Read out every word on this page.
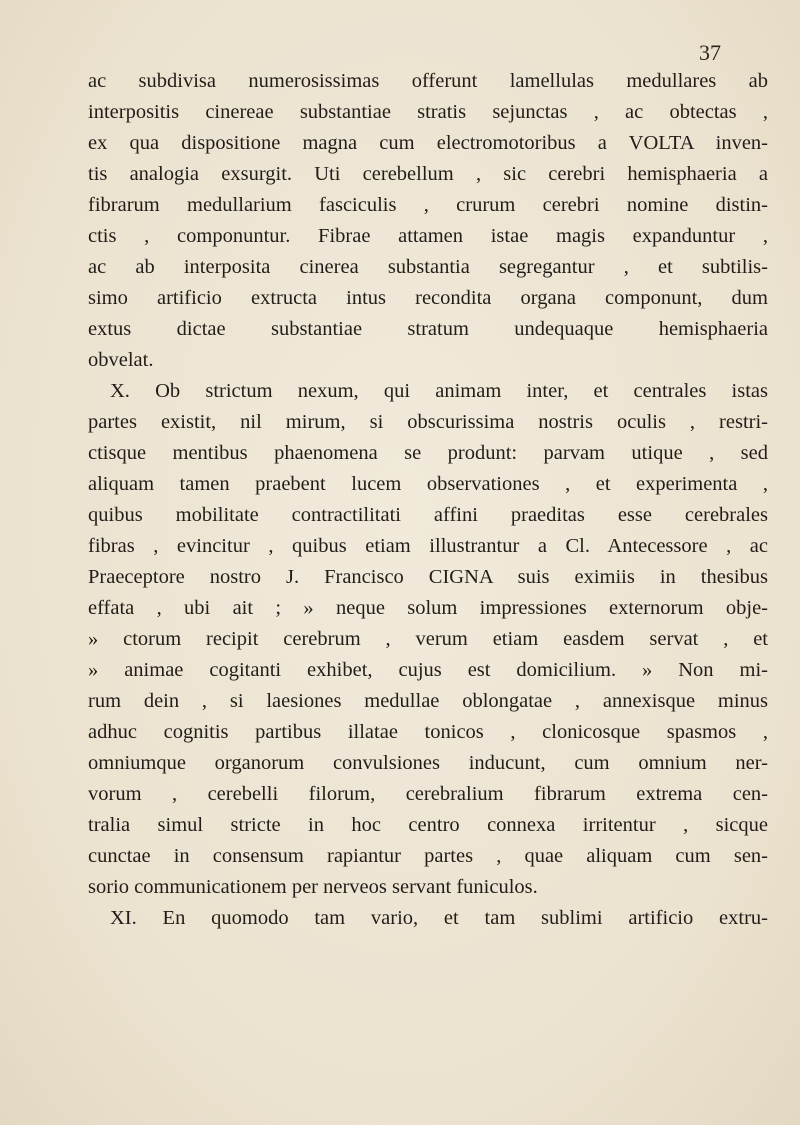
37
ac subdivisa numerosissimas offerunt lamellulas medullares ab
interpositis cinereae substantiae stratis sejunctas , ac obtectas ,
ex qua dispositione magna cum electromotoribus a VOLTA inven-
tis analogia exsurgit. Uti cerebellum , sic cerebri hemisphaeria a
fibrarum medullarium fasciculis , crurum cerebri nomine distin-
ctis , componuntur. Fibrae attamen istae magis expanduntur ,
ac ab interposita cinerea substantia segregantur , et subtilis-
simo artificio extructa intus recondita organa componunt, dum
extus dictae substantiae stratum undequaque hemisphaeria
obvelat.
X. Ob strictum nexum, qui animam inter, et centrales istas
partes existit, nil mirum, si obscurissima nostris oculis , restri-
ctisque mentibus phaenomena se produnt: parvam utique , sed
aliquam tamen praebent lucem observationes , et experimenta ,
quibus mobilitate contractilitati affini praeditas esse cerebrales
fibras , evincitur , quibus etiam illustrantur a Cl. Antecessore , ac
Praeceptore nostro J. Francisco CIGNA suis eximiis in thesibus
effata , ubi ait ; » neque solum impressiones externorum obje-
» ctorum recipit cerebrum , verum etiam easdem servat , et
» animae cogitanti exhibet, cujus est domicilium. » Non mi-
rum dein , si laesiones medullae oblongatae , annexisque minus
adhuc cognitis partibus illatae tonicos , clonicosque spasmos ,
omniumque organorum convulsiones inducunt, cum omnium ner-
vorum , cerebelli filorum, cerebralium fibrarum extrema cen-
tralia simul stricte in hoc centro connexa irritentur , sicque
cunctae in consensum rapiantur partes , quae aliquam cum sen-
sorio communicationem per nerveos servant funiculos.
XI. En quomodo tam vario, et tam sublimi artificio extru-
